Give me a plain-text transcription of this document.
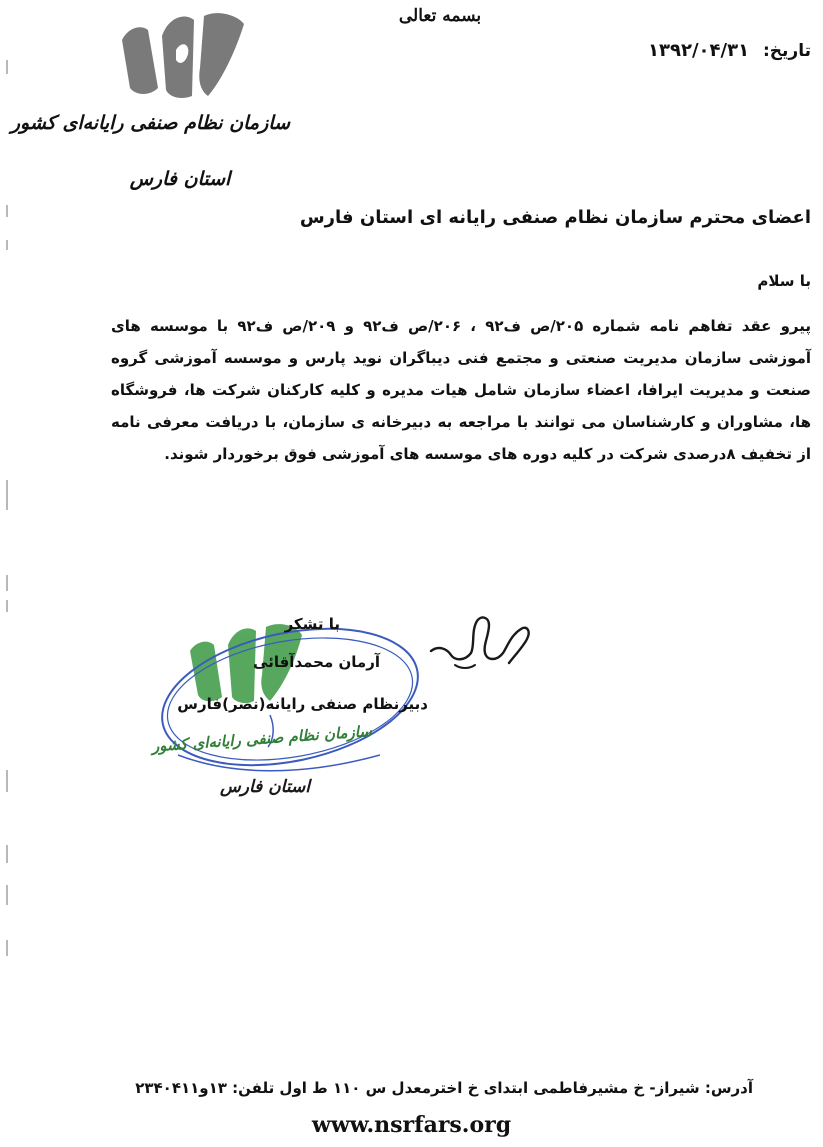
بسمه تعالی
تاریخ: ۱۳۹۲/۰۴/۳۱
سازمان نظام صنفی رایانه‌ای کشور
استان فارس
اعضای محترم سازمان نظام صنفی رایانه ای استان فارس
با سلام
پیرو عقد تفاهم نامه شماره ۲۰۵/ص ف۹۲ ، ۲۰۶/ص ف۹۲ و ۲۰۹/ص ف۹۲ با موسسه های آموزشی سازمان مدیریت صنعتی و مجتمع فنی دیباگران نوید پارس و موسسه آموزشی گروه صنعت و مدیریت ایرافا، اعضاء سازمان شامل هیات مدیره و کلیه کارکنان شرکت ها، فروشگاه ها، مشاوران و کارشناسان می توانند با مراجعه به دبیرخانه ی سازمان، با دریافت معرفی نامه از تخفیف ۸درصدی شرکت در کلیه دوره های موسسه های آموزشی فوق برخوردار شوند.
با تشکر
آرمان محمدآقائی
دبیرنظام صنفی رایانه(نصر)فارس
سازمان نظام صنفی رایانه‌ای کشور
استان فارس
آدرس: شیراز- خ مشیرفاطمی ابتدای خ اخترمعدل س ۱۱۰ ط اول تلفن: ۱۳و۲۳۴۰۴۱۱
www.nsrfars.org
